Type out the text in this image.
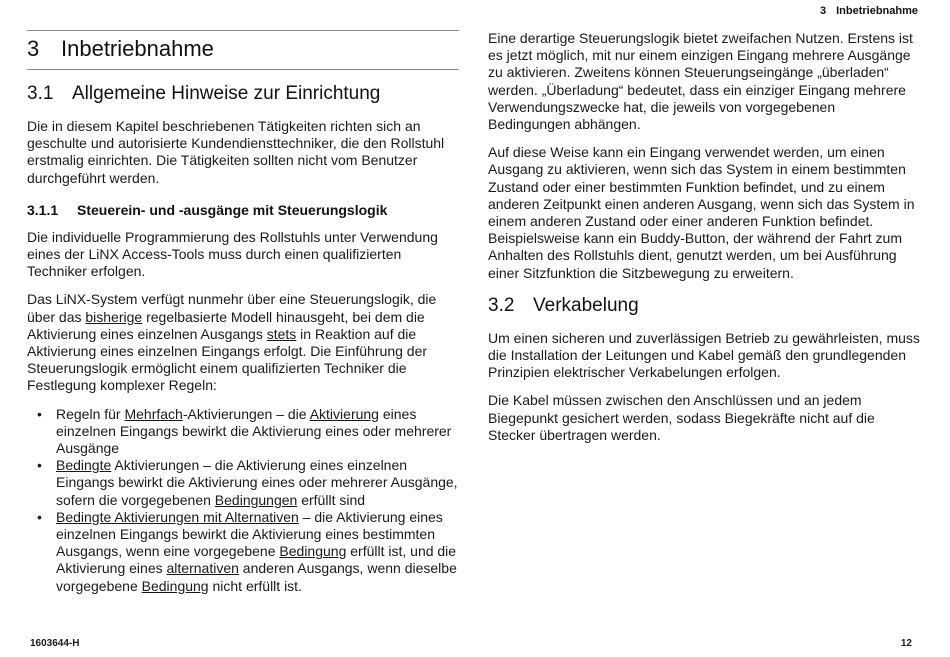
3 Inbetriebnahme
3 Inbetriebnahme
3.1 Allgemeine Hinweise zur Einrichtung

Die in diesem Kapitel beschriebenen Tätigkeiten richten sich an geschulte und autorisierte Kundendiensttechniker, die den Rollstuhl erstmalig einrichten. Die Tätigkeiten sollten nicht vom Benutzer durchgeführt werden.

3.1.1 Steuerein- und -ausgänge mit Steuerungslogik

Die individuelle Programmierung des Rollstuhls unter Verwendung eines der LiNX Access-Tools muss durch einen qualifizierten Techniker erfolgen.

Das LiNX-System verfügt nunmehr über eine Steuerungslogik, die über das bisherige regelbasierte Modell hinausgeht, bei dem die Aktivierung eines einzelnen Ausgangs stets in Reaktion auf die Aktivierung eines einzelnen Eingangs erfolgt. Die Einführung der Steuerungslogik ermöglicht einem qualifizierten Techniker die Festlegung komplexer Regeln:

• Regeln für Mehrfach-Aktivierungen – die Aktivierung eines einzelnen Eingangs bewirkt die Aktivierung eines oder mehrerer Ausgänge
• Bedingte Aktivierungen – die Aktivierung eines einzelnen Eingangs bewirkt die Aktivierung eines oder mehrerer Ausgänge, sofern die vorgegebenen Bedingungen erfüllt sind
• Bedingte Aktivierungen mit Alternativen – die Aktivierung eines einzelnen Eingangs bewirkt die Aktivierung eines bestimmten Ausgangs, wenn eine vorgegebene Bedingung erfüllt ist, und die Aktivierung eines alternativen anderen Ausgangs, wenn dieselbe vorgegebene Bedingung nicht erfüllt ist.

Eine derartige Steuerungslogik bietet zweifachen Nutzen. Erstens ist es jetzt möglich, mit nur einem einzigen Eingang mehrere Ausgänge zu aktivieren. Zweitens können Steuerungseingänge „überladen“ werden. „Überladung“ bedeutet, dass ein einziger Eingang mehrere Verwendungszwecke hat, die jeweils von vorgegebenen Bedingungen abhängen.

Auf diese Weise kann ein Eingang verwendet werden, um einen Ausgang zu aktivieren, wenn sich das System in einem bestimmten Zustand oder einer bestimmten Funktion befindet, und zu einem anderen Zeitpunkt einen anderen Ausgang, wenn sich das System in einem anderen Zustand oder einer anderen Funktion befindet. Beispielsweise kann ein Buddy-Button, der während der Fahrt zum Anhalten des Rollstuhls dient, genutzt werden, um bei Ausführung einer Sitzfunktion die Sitzbewegung zu erweitern.

3.2 Verkabelung

Um einen sicheren und zuverlässigen Betrieb zu gewährleisten, muss die Installation der Leitungen und Kabel gemäß den grundlegenden Prinzipien elektrischer Verkabelungen erfolgen.

Die Kabel müssen zwischen den Anschlüssen und an jedem Biegepunkt gesichert werden, sodass Biegekräfte nicht auf die Stecker übertragen werden.

1603644-H	12
